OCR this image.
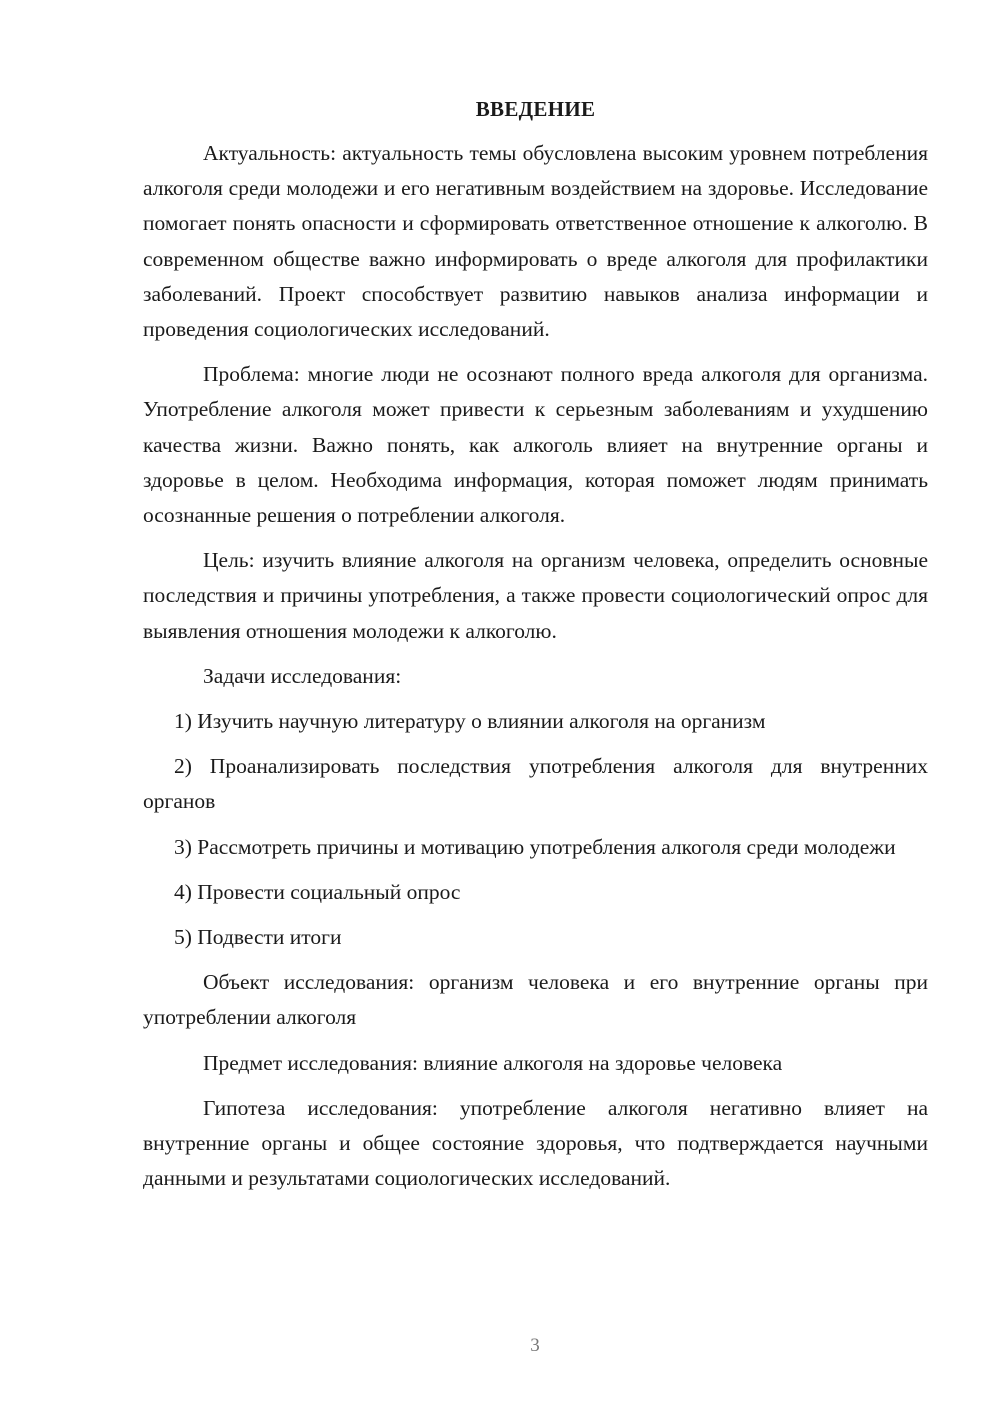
ВВЕДЕНИЕ

Актуальность: актуальность темы обусловлена высоким уровнем потребления алкоголя среди молодежи и его негативным воздействием на здоровье. Исследование помогает понять опасности и сформировать ответственное отношение к алкоголю. В современном обществе важно информировать о вреде алкоголя для профилактики заболеваний. Проект способствует развитию навыков анализа информации и проведения социологических исследований.

Проблема: многие люди не осознают полного вреда алкоголя для организма. Употребление алкоголя может привести к серьезным заболеваниям и ухудшению качества жизни. Важно понять, как алкоголь влияет на внутренние органы и здоровье в целом. Необходима информация, которая поможет людям принимать осознанные решения о потреблении алкоголя.

Цель: изучить влияние алкоголя на организм человека, определить основные последствия и причины употребления, а также провести социологический опрос для выявления отношения молодежи к алкоголю.

Задачи исследования:

1) Изучить научную литературу о влиянии алкоголя на организм

2) Проанализировать последствия употребления алкоголя для внутренних органов

3) Рассмотреть причины и мотивацию употребления алкоголя среди молодежи

4) Провести социальный опрос

5) Подвести итоги

Объект исследования: организм человека и его внутренние органы при употреблении алкоголя

Предмет исследования: влияние алкоголя на здоровье человека

Гипотеза исследования: употребление алкоголя негативно влияет на внутренние органы и общее состояние здоровья, что подтверждается научными данными и результатами социологических исследований.

3
